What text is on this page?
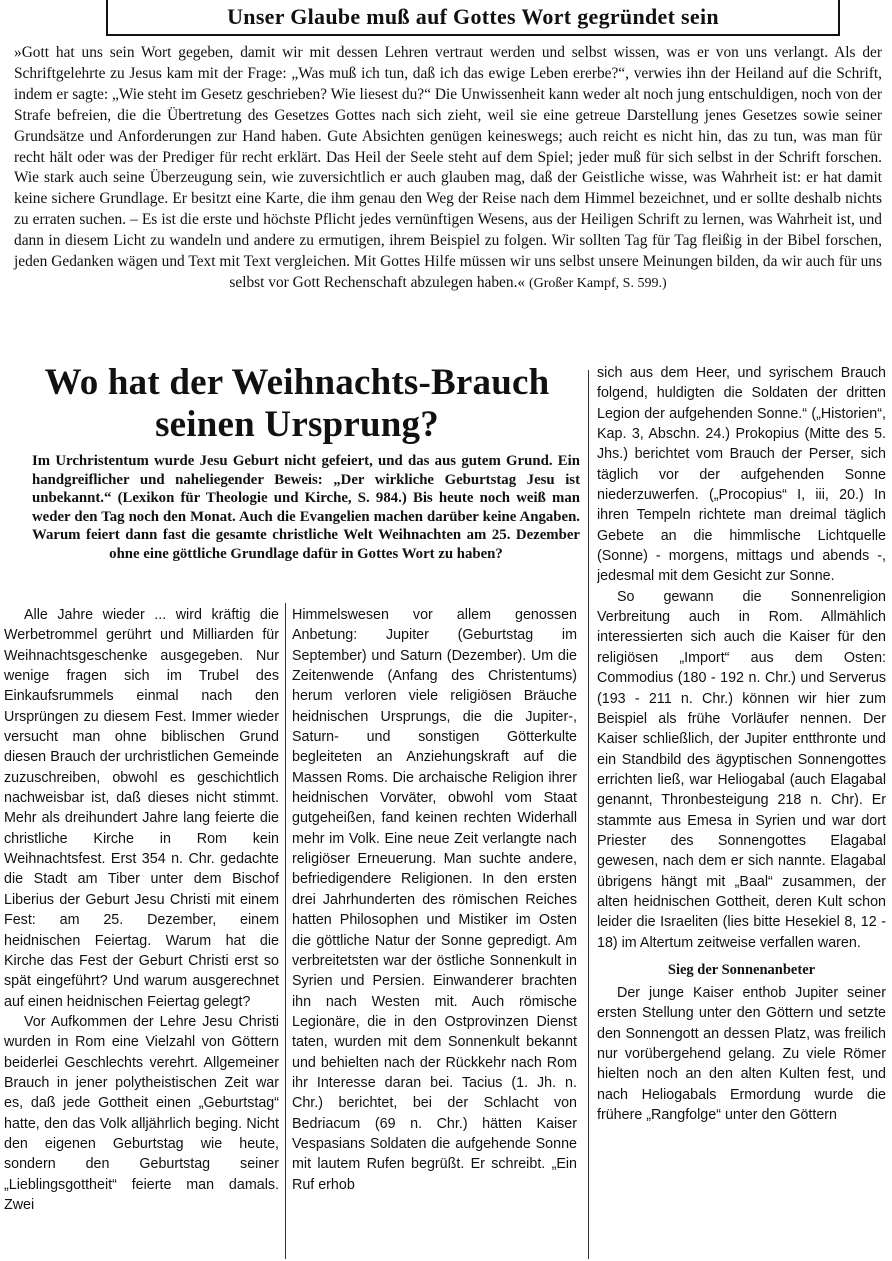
Unser Glaube muß auf Gottes Wort gegründet sein

»Gott hat uns sein Wort gegeben, damit wir mit dessen Lehren vertraut werden und selbst wissen, was er von uns verlangt. Als der Schriftgelehrte zu Jesus kam mit der Frage: „Was muß ich tun, daß ich das ewige Leben ererbe?“, verwies ihn der Heiland auf die Schrift, indem er sagte: „Wie steht im Gesetz geschrieben? Wie liesest du?“ Die Unwissenheit kann weder alt noch jung entschuldigen, noch von der Strafe befreien, die die Übertretung des Gesetzes Gottes nach sich zieht, weil sie eine getreue Darstellung jenes Gesetzes sowie seiner Grundsätze und Anforderungen zur Hand haben. Gute Absichten genügen keineswegs; auch reicht es nicht hin, das zu tun, was man für recht hält oder was der Prediger für recht erklärt. Das Heil der Seele steht auf dem Spiel; jeder muß für sich selbst in der Schrift forschen. Wie stark auch seine Überzeugung sein, wie zuversichtlich er auch glauben mag, daß der Geistliche wisse, was Wahrheit ist: er hat damit keine sichere Grundlage. Er besitzt eine Karte, die ihm genau den Weg der Reise nach dem Himmel bezeichnet, und er sollte deshalb nichts zu erraten suchen. – Es ist die erste und höchste Pflicht jedes vernünftigen Wesens, aus der Heiligen Schrift zu lernen, was Wahrheit ist, und dann in diesem Licht zu wandeln und andere zu ermutigen, ihrem Beispiel zu folgen. Wir sollten Tag für Tag fleißig in der Bibel forschen, jeden Gedanken wägen und Text mit Text vergleichen. Mit Gottes Hilfe müssen wir uns selbst unsere Meinungen bilden, da wir auch für uns selbst vor Gott Rechenschaft abzulegen haben.« (Großer Kampf, S. 599.)

Wo hat der Weihnachts-Brauch seinen Ursprung?

Im Urchristentum wurde Jesu Geburt nicht gefeiert, und das aus gutem Grund. Ein handgreiflicher und naheliegender Beweis: „Der wirkliche Geburtstag Jesu ist unbekannt.“ (Lexikon für Theologie und Kirche, S. 984.) Bis heute noch weiß man weder den Tag noch den Monat. Auch die Evangelien machen darüber keine Angaben. Warum feiert dann fast die gesamte christliche Welt Weihnachten am 25. Dezember ohne eine göttliche Grundlage dafür in Gottes Wort zu haben?

Alle Jahre wieder ... wird kräftig die Werbetrommel gerührt und Milliarden für Weihnachtsgeschenke ausgegeben. Nur wenige fragen sich im Trubel des Einkaufsrummels einmal nach den Ursprüngen zu diesem Fest. Immer wieder versucht man ohne biblischen Grund diesen Brauch der urchristlichen Gemeinde zuzuschreiben, obwohl es geschichtlich nachweisbar ist, daß dieses nicht stimmt. Mehr als dreihundert Jahre lang feierte die christliche Kirche in Rom kein Weihnachtsfest. Erst 354 n. Chr. gedachte die Stadt am Tiber unter dem Bischof Liberius der Geburt Jesu Christi mit einem Fest: am 25. Dezember, einem heidnischen Feiertag. Warum hat die Kirche das Fest der Geburt Christi erst so spät eingeführt? Und warum ausgerechnet auf einen heidnischen Feiertag gelegt?

Vor Aufkommen der Lehre Jesu Christi wurden in Rom eine Vielzahl von Göttern beiderlei Geschlechts verehrt. Allgemeiner Brauch in jener polytheistischen Zeit war es, daß jede Gottheit einen „Geburtstag“ hatte, den das Volk alljährlich beging. Nicht den eigenen Geburtstag wie heute, sondern den Geburtstag seiner „Lieblingsgottheit“ feierte man damals. Zwei

Himmelswesen vor allem genossen Anbetung: Jupiter (Geburtstag im September) und Saturn (Dezember). Um die Zeitenwende (Anfang des Christentums) herum verloren viele religiösen Bräuche heidnischen Ursprungs, die die Jupiter-, Saturn- und sonstigen Götterkulte begleiteten an Anziehungskraft auf die Massen Roms. Die archaische Religion ihrer heidnischen Vorväter, obwohl vom Staat gutgeheißen, fand keinen rechten Widerhall mehr im Volk. Eine neue Zeit verlangte nach religiöser Erneuerung. Man suchte andere, befriedigendere Religionen. In den ersten drei Jahrhunderten des römischen Reiches hatten Philosophen und Mistiker im Osten die göttliche Natur der Sonne gepredigt. Am verbreitetsten war der östliche Sonnenkult in Syrien und Persien. Einwanderer brachten ihn nach Westen mit. Auch römische Legionäre, die in den Ostprovinzen Dienst taten, wurden mit dem Sonnenkult bekannt und behielten nach der Rückkehr nach Rom ihr Interesse daran bei. Tacius (1. Jh. n. Chr.) berichtet, bei der Schlacht von Bedriacum (69 n. Chr.) hätten Kaiser Vespasians Soldaten die aufgehende Sonne mit lautem Rufen begrüßt. Er schreibt. „Ein Ruf erhob

sich aus dem Heer, und syrischem Brauch folgend, huldigten die Soldaten der dritten Legion der aufgehenden Sonne.“ („Historien“, Kap. 3, Abschn. 24.) Prokopius (Mitte des 5. Jhs.) berichtet vom Brauch der Perser, sich täglich vor der aufgehenden Sonne niederzuwerfen. („Procopius“ I, iii, 20.) In ihren Tempeln richtete man dreimal täglich Gebete an die himmlische Lichtquelle (Sonne) - morgens, mittags und abends -, jedesmal mit dem Gesicht zur Sonne.

So gewann die Sonnenreligion Verbreitung auch in Rom. Allmählich interessierten sich auch die Kaiser für den religiösen „Import“ aus dem Osten: Commodius (180 - 192 n. Chr.) und Serverus (193 - 211 n. Chr.) können wir hier zum Beispiel als frühe Vorläufer nennen. Der Kaiser schließlich, der Jupiter entthronte und ein Standbild des ägyptischen Sonnengottes errichten ließ, war Heliogabal (auch Elagabal genannt, Thronbesteigung 218 n. Chr). Er stammte aus Emesa in Syrien und war dort Priester des Sonnengottes Elagabal gewesen, nach dem er sich nannte. Elagabal übrigens hängt mit „Baal“ zusammen, der alten heidnischen Gottheit, deren Kult schon leider die Israeliten (lies bitte Hesekiel 8, 12 - 18) im Altertum zeitweise verfallen waren.

Sieg der Sonnenanbeter

Der junge Kaiser enthob Jupiter seiner ersten Stellung unter den Göttern und setzte den Sonnengott an dessen Platz, was freilich nur vorübergehend gelang. Zu viele Römer hielten noch an den alten Kulten fest, und nach Heliogabals Ermordung wurde die frühere „Rangfolge“ unter den Göttern
